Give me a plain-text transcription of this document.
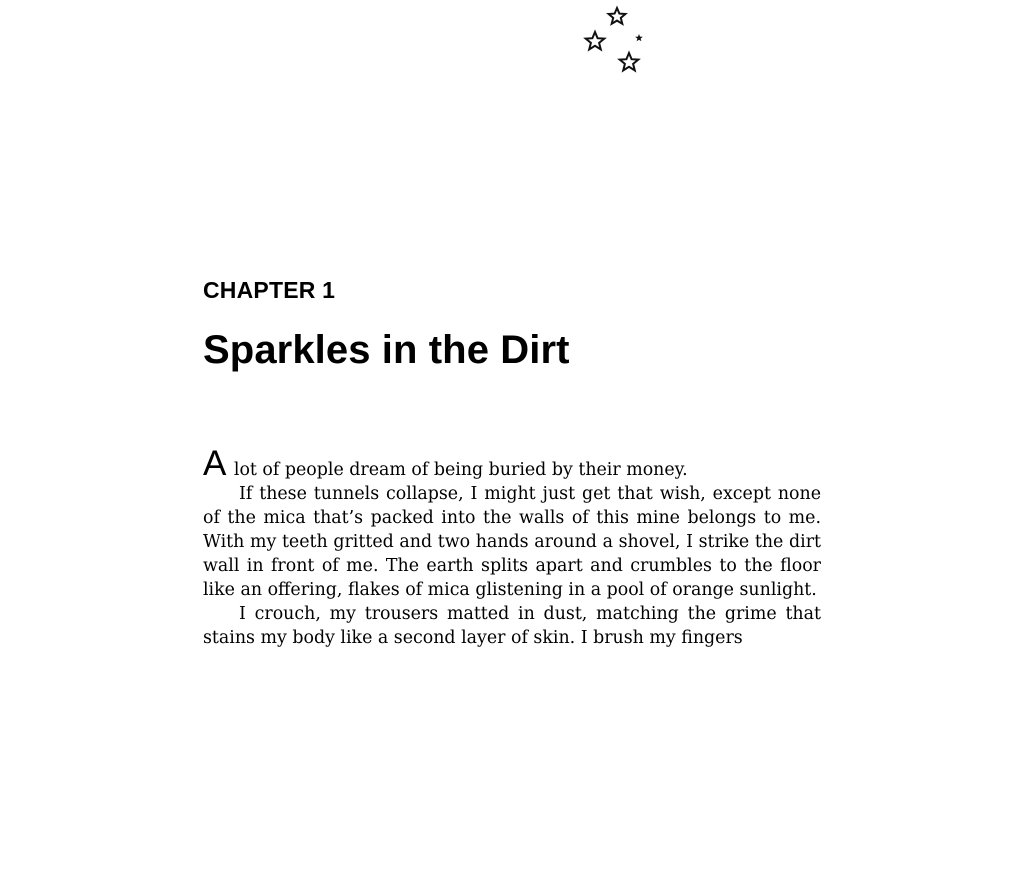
CHAPTER 1
Sparkles in the Dirt

A lot of people dream of being buried by their money.

If these tunnels collapse, I might just get that wish, except none of the mica that’s packed into the walls of this mine belongs to me. With my teeth gritted and two hands around a shovel, I strike the dirt wall in front of me. The earth splits apart and crumbles to the floor like an offering, flakes of mica glistening in a pool of orange sunlight.

I crouch, my trousers matted in dust, matching the grime that stains my body like a second layer of skin. I brush my fingers
